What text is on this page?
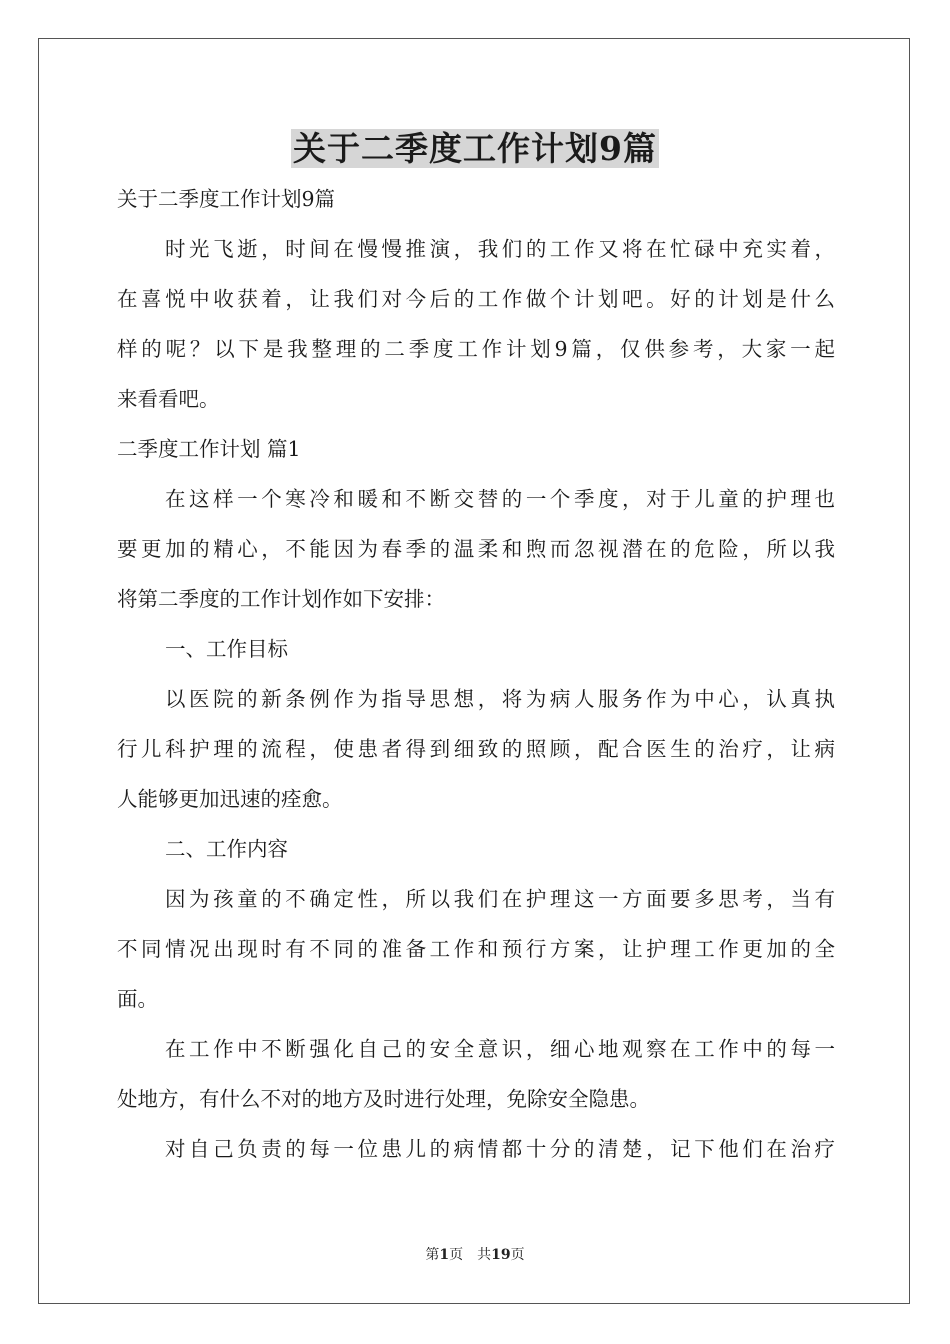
关于二季度工作计划9篇
关于二季度工作计划9篇
时光飞逝，时间在慢慢推演，我们的工作又将在忙碌中充实着，
在喜悦中收获着，让我们对今后的工作做个计划吧。好的计划是什么
样的呢？以下是我整理的二季度工作计划9篇，仅供参考，大家一起
来看看吧。
二季度工作计划 篇1
在这样一个寒冷和暖和不断交替的一个季度，对于儿童的护理也
要更加的精心，不能因为春季的温柔和煦而忽视潜在的危险，所以我
将第二季度的工作计划作如下安排：
一、工作目标
以医院的新条例作为指导思想，将为病人服务作为中心，认真执
行儿科护理的流程，使患者得到细致的照顾，配合医生的治疗，让病
人能够更加迅速的痊愈。
二、工作内容
因为孩童的不确定性，所以我们在护理这一方面要多思考，当有
不同情况出现时有不同的准备工作和预行方案，让护理工作更加的全
面。
在工作中不断强化自己的安全意识，细心地观察在工作中的每一
处地方，有什么不对的地方及时进行处理，免除安全隐患。
对自己负责的每一位患儿的病情都十分的清楚，记下他们在治疗
第1页　共19页
